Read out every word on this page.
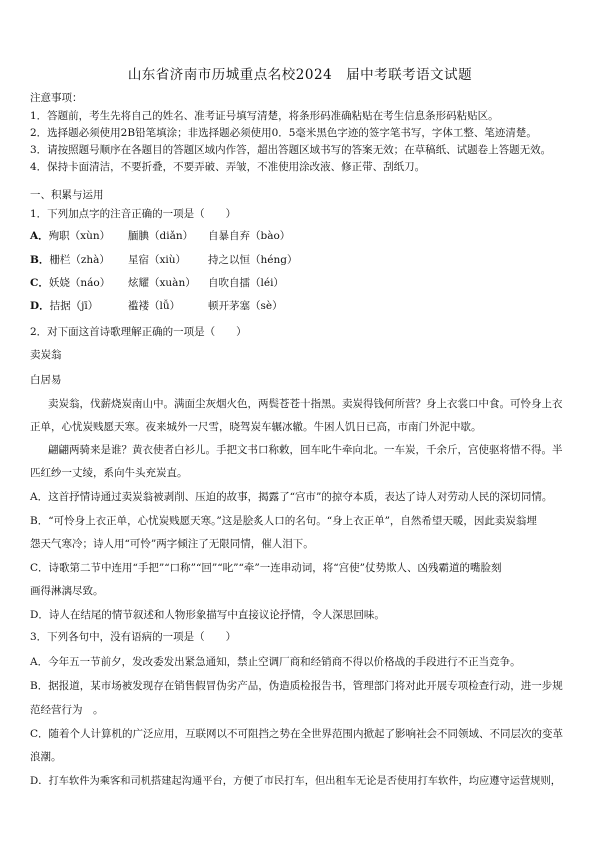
山东省济南市历城重点名校2024　届中考联考语文试题
注意事项：
1．答题前，考生先将自己的姓名、准考证号填写清楚，将条形码准确粘贴在考生信息条形码粘贴区。
2．选择题必须使用2B铅笔填涂；非选择题必须使用0．5毫米黑色字迹的签字笔书写，字体工整、笔迹清楚。
3．请按照题号顺序在各题目的答题区域内作答，超出答题区域书写的答案无效；在草稿纸、试题卷上答题无效。
4．保持卡面清洁，不要折叠，不要弄破、弄皱，不准使用涂改液、修正带、刮纸刀。
一、积累与运用
1．下列加点字的注音正确的一项是（　　）
A．殉职（xùn） 腼腆（diǎn） 自暴自弃（bào）
B．栅栏（zhà） 星宿（xiù） 持之以恒（héng）
C．妖娆（náo） 炫耀（xuàn） 自吹自擂（léi）
D．拮据（jī）	褴褛（lǚ）	顿开茅塞（sè）
2．对下面这首诗歌理解正确的一项是（　　）
卖炭翁
白居易
卖炭翁，伐薪烧炭南山中。满面尘灰烟火色，两鬓苍苍十指黑。卖炭得钱何所营？身上衣裳口中食。可怜身上衣
正单，心忧炭贱愿天寒。夜来城外一尺雪，晓驾炭车辗冰辙。牛困人饥日已高，市南门外泥中歇。
翩翩两骑来是谁？黄衣使者白衫儿。手把文书口称敕，回车叱牛牵向北。一车炭，千余斤，宫使驱将惜不得。半
匹红纱一丈绫，系向牛头充炭直。
A．这首抒情诗通过卖炭翁被剥削、压迫的故事，揭露了“宫市”的掠夺本质，表达了诗人对劳动人民的深切同情。
B．“可怜身上衣正单，心忧炭贱愿天寒。”这是脍炙人口的名句。“身上衣正单”，自然希望天暖，因此卖炭翁埋
怨天气寒冷；诗人用“可怜”两字倾注了无限同情，催人泪下。
C．诗歌第二节中连用“手把”“口称”“回”“叱”“牵”一连串动词，将“宫使”仗势欺人、凶残霸道的嘴脸刻
画得淋漓尽致。
D．诗人在结尾的情节叙述和人物形象描写中直接议论抒情，令人深思回味。
3．下列各句中，没有语病的一项是（　　）
A．今年五一节前夕，发改委发出紧急通知，禁止空调厂商和经销商不得以价格战的手段进行不正当竞争。
B．据报道，某市场被发现存在销售假冒伪劣产品，伪造质检报告书，管理部门将对此开展专项检查行动，进一步规
范经营行为　。
C．随着个人计算机的广泛应用，互联网以不可阻挡之势在全世界范围内掀起了影响社会不同领域、不同层次的变革
浪潮。
D．打车软件为乘客和司机搭建起沟通平台，方便了市民打车，但出租车无论是否使用打车软件，均应遵守运营规则，
